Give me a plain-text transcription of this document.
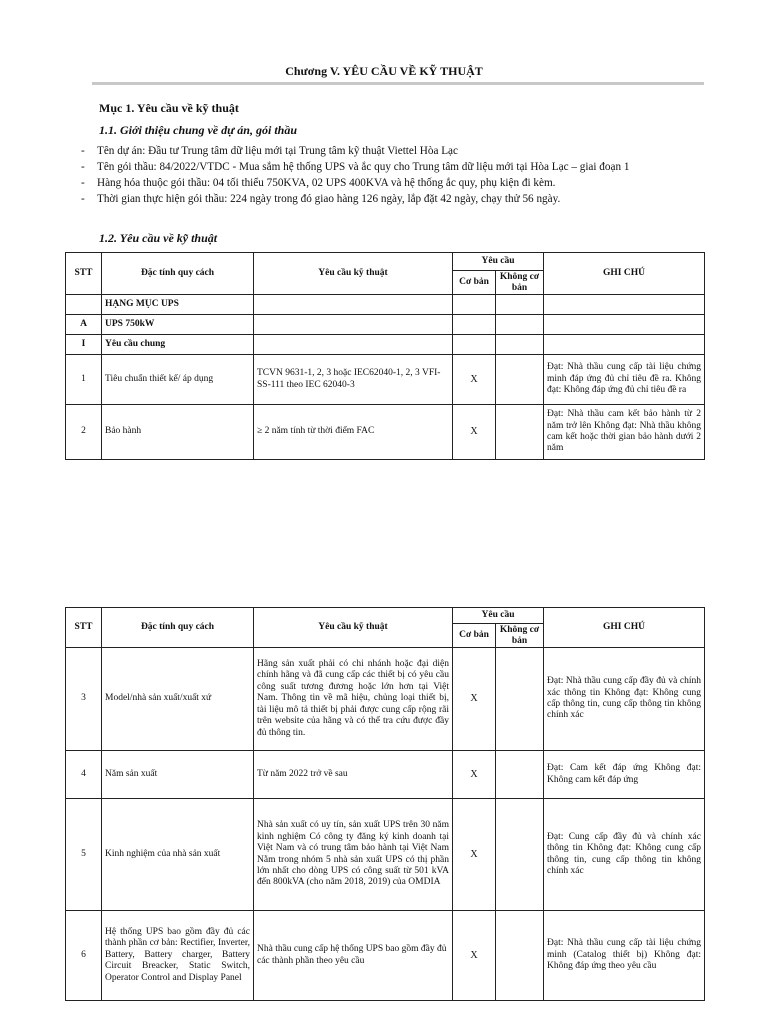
Chương V. YÊU CẦU VỀ KỸ THUẬT
Mục 1. Yêu cầu về kỹ thuật
1.1. Giới thiệu chung về dự án, gói thầu
- Tên dự án: Đầu tư Trung tâm dữ liệu mới tại Trung tâm kỹ thuật Viettel Hòa Lạc
- Tên gói thầu: 84/2022/VTDC - Mua sắm hệ thống UPS và ắc quy cho Trung tâm dữ liệu mới tại Hòa Lạc – giai đoạn 1
- Hàng hóa thuộc gói thầu: 04 tối thiểu 750KVA, 02 UPS 400KVA và hệ thống ắc quy, phụ kiện đi kèm.
- Thời gian thực hiện gói thầu: 224 ngày trong đó giao hàng 126 ngày, lắp đặt 42 ngày, chạy thử 56 ngày.
1.2. Yêu cầu về kỹ thuật
STT	Đặc tính quy cách	Yêu cầu kỹ thuật	Yêu cầu		GHI CHÚ
			Cơ bản	Không cơ bản	
	HẠNG MỤC UPS				
A	UPS 750kW				
I	Yêu cầu chung				
1	Tiêu chuẩn thiết kế/ áp dụng	TCVN 9631-1, 2, 3 hoặc IEC62040-1, 2, 3 VFI-SS-111 theo IEC 62040-3	X		Đạt: Nhà thầu cung cấp tài liệu chứng minh đáp ứng đủ chỉ tiêu đề ra. Không đạt: Không đáp ứng đủ chỉ tiêu đề ra
2	Bảo hành	≥ 2 năm tính từ thời điểm FAC	X		Đạt: Nhà thầu cam kết bảo hành từ 2 năm trở lên Không đạt: Nhà thầu không cam kết hoặc thời gian bảo hành dưới 2 năm
STT	Đặc tính quy cách	Yêu cầu kỹ thuật	Yêu cầu		GHI CHÚ
			Cơ bản	Không cơ bản	
3	Model/nhà sản xuất/xuất xứ	Hãng sản xuất phải có chi nhánh hoặc đại diện chính hãng và đã cung cấp các thiết bị có yêu cầu công suất tương đương hoặc lớn hơn tại Việt Nam. Thông tin về mã hiệu, chủng loại thiết bị, tài liệu mô tả thiết bị phải được cung cấp rộng rãi trên website của hãng và có thể tra cứu được đầy đủ thông tin.	X		Đạt: Nhà thầu cung cấp đầy đủ và chính xác thông tin Không đạt: Không cung cấp thông tin, cung cấp thông tin không chính xác
4	Năm sản xuất	Từ năm 2022 trở về sau	X		Đạt: Cam kết đáp ứng Không đạt: Không cam kết đáp ứng
5	Kinh nghiệm của nhà sản xuất	Nhà sản xuất có uy tín, sản xuất UPS trên 30 năm kinh nghiệm Có công ty đăng ký kinh doanh tại Việt Nam và có trung tâm bảo hành tại Việt Nam Nằm trong nhóm 5 nhà sản xuất UPS có thị phần lớn nhất cho dòng UPS có công suất từ 501 kVA đến 800kVA (cho năm 2018, 2019) của OMDIA	X		Đạt: Cung cấp đầy đủ và chính xác thông tin Không đạt: Không cung cấp thông tin, cung cấp thông tin không chính xác
6	Hệ thống UPS bao gồm đầy đủ các thành phần cơ bản: Rectifier, Inverter, Battery, Battery charger, Battery Circuit Breacker, Static Switch, Operator Control and Display Panel	Nhà thầu cung cấp hệ thống UPS bao gồm đầy đủ các thành phần theo yêu cầu	X		Đạt: Nhà thầu cung cấp tài liệu chứng minh (Catalog thiết bị) Không đạt: Không đáp ứng theo yêu cầu
